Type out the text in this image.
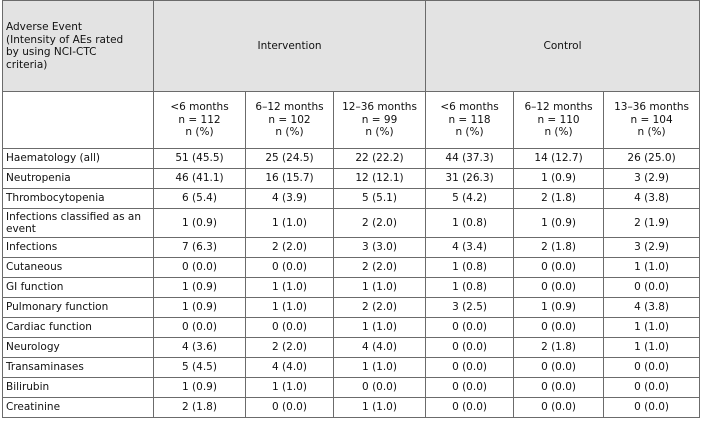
Adverse Event
(Intensity of AEs rated
by using NCI-CTC
criteria)	Intervention			Control		

	<6 months
n = 112
n (%)	6–12 months
n = 102
n (%)	12–36 months
n = 99
n (%)	<6 months
n = 118
n (%)	6–12 months
n = 110
n (%)	13–36 months
n = 104
n (%)

Haematology (all)	51 (45.5)	25 (24.5)	22 (22.2)	44 (37.3)	14 (12.7)	26 (25.0)
Neutropenia	46 (41.1)	16 (15.7)	12 (12.1)	31 (26.3)	1 (0.9)	3 (2.9)
Thrombocytopenia	6 (5.4)	4 (3.9)	5 (5.1)	5 (4.2)	2 (1.8)	4 (3.8)
Infections classified as an event	1 (0.9)	1 (1.0)	2 (2.0)	1 (0.8)	1 (0.9)	2 (1.9)
Infections	7 (6.3)	2 (2.0)	3 (3.0)	4 (3.4)	2 (1.8)	3 (2.9)
Cutaneous	0 (0.0)	0 (0.0)	2 (2.0)	1 (0.8)	0 (0.0)	1 (1.0)
GI function	1 (0.9)	1 (1.0)	1 (1.0)	1 (0.8)	0 (0.0)	0 (0.0)
Pulmonary function	1 (0.9)	1 (1.0)	2 (2.0)	3 (2.5)	1 (0.9)	4 (3.8)
Cardiac function	0 (0.0)	0 (0.0)	1 (1.0)	0 (0.0)	0 (0.0)	1 (1.0)
Neurology	4 (3.6)	2 (2.0)	4 (4.0)	0 (0.0)	2 (1.8)	1 (1.0)
Transaminases	5 (4.5)	4 (4.0)	1 (1.0)	0 (0.0)	0 (0.0)	0 (0.0)
Bilirubin	1 (0.9)	1 (1.0)	0 (0.0)	0 (0.0)	0 (0.0)	0 (0.0)
Creatinine	2 (1.8)	0 (0.0)	1 (1.0)	0 (0.0)	0 (0.0)	0 (0.0)
